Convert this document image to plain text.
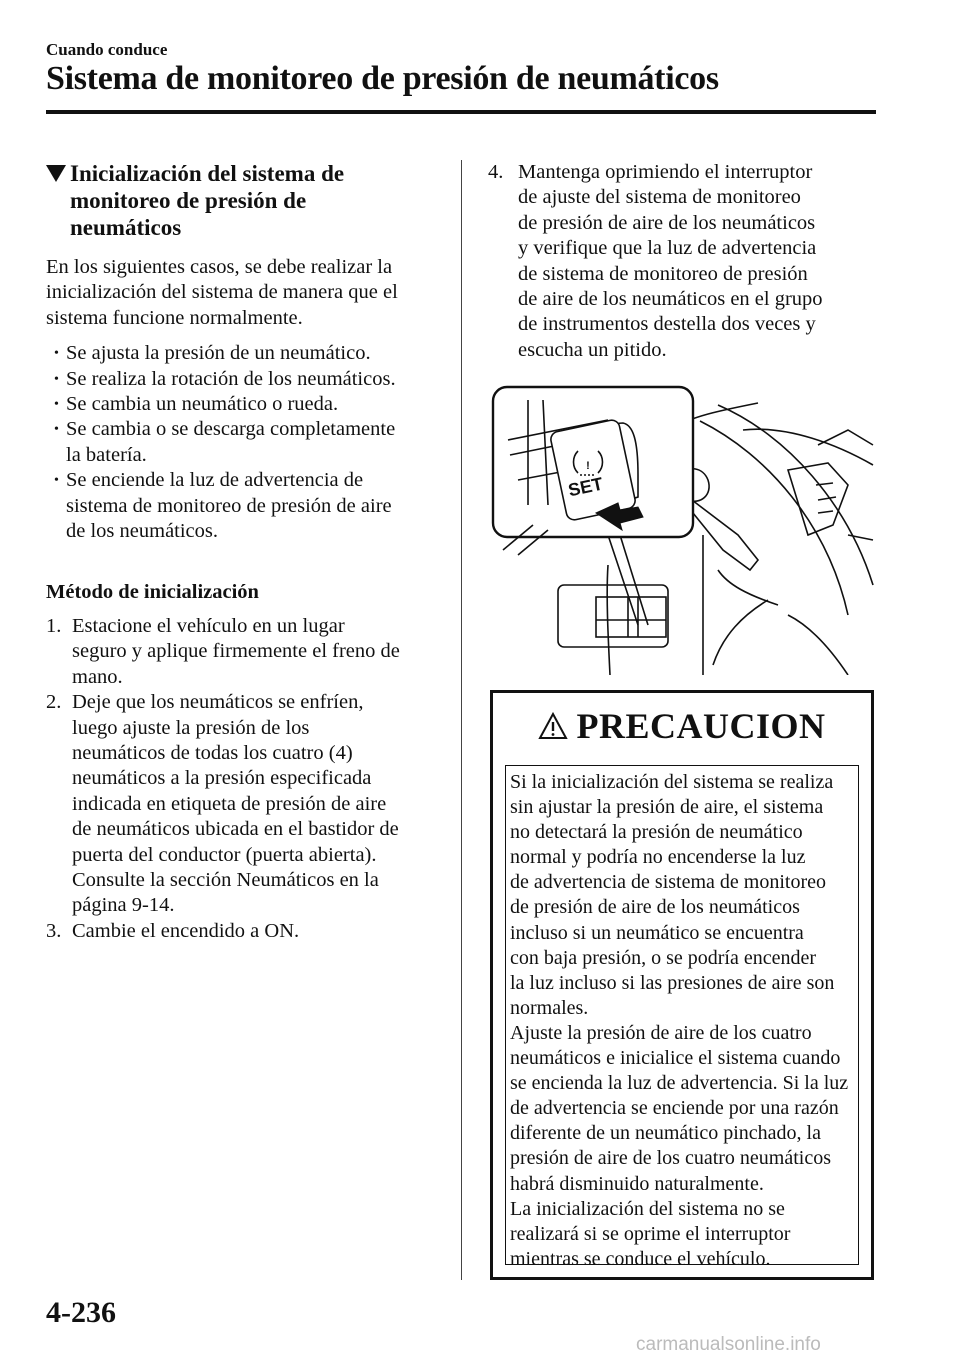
Cuando conduce
Sistema de monitoreo de presión de neumáticos
Inicialización del sistema de
monitoreo de presión de
neumáticos

En los siguientes casos, se debe realizar la
inicialización del sistema de manera que el
sistema funcione normalmente.

• Se ajusta la presión de un neumático.
• Se realiza la rotación de los neumáticos.
• Se cambia un neumático o rueda.
• Se cambia o se descarga completamente
la batería.
• Se enciende la luz de advertencia de
sistema de monitoreo de presión de aire
de los neumáticos.
Método de inicialización
1. Estacione el vehículo en un lugar
seguro y aplique firmemente el freno de
mano.
2. Deje que los neumáticos se enfríen,
luego ajuste la presión de los
neumáticos de todas los cuatro (4)
neumáticos a la presión especificada
indicada en etiqueta de presión de aire
de neumáticos ubicada en el bastidor de
puerta del conductor (puerta abierta).
Consulte la sección Neumáticos en la
página 9-14.
3. Cambie el encendido a ON.
4. Mantenga oprimiendo el interruptor
de ajuste del sistema de monitoreo
de presión de aire de los neumáticos
y verifique que la luz de advertencia
de sistema de monitoreo de presión
de aire de los neumáticos en el grupo
de instrumentos destella dos veces y
escucha un pitido.
!
SET
PRECAUCION

Si la inicialización del sistema se realiza
sin ajustar la presión de aire, el sistema
no detectará la presión de neumático
normal y podría no encenderse la luz
de advertencia de sistema de monitoreo
de presión de aire de los neumáticos
incluso si un neumático se encuentra
con baja presión, o se podría encender
la luz incluso si las presiones de aire son
normales.

Ajuste la presión de aire de los cuatro
neumáticos e inicialice el sistema cuando
se encienda la luz de advertencia. Si la luz
de advertencia se enciende por una razón
diferente de un neumático pinchado, la
presión de aire de los cuatro neumáticos
habrá disminuido naturalmente.

La inicialización del sistema no se
realizará si se oprime el interruptor
mientras se conduce el vehículo.

4-236
carmanualsonline.info
